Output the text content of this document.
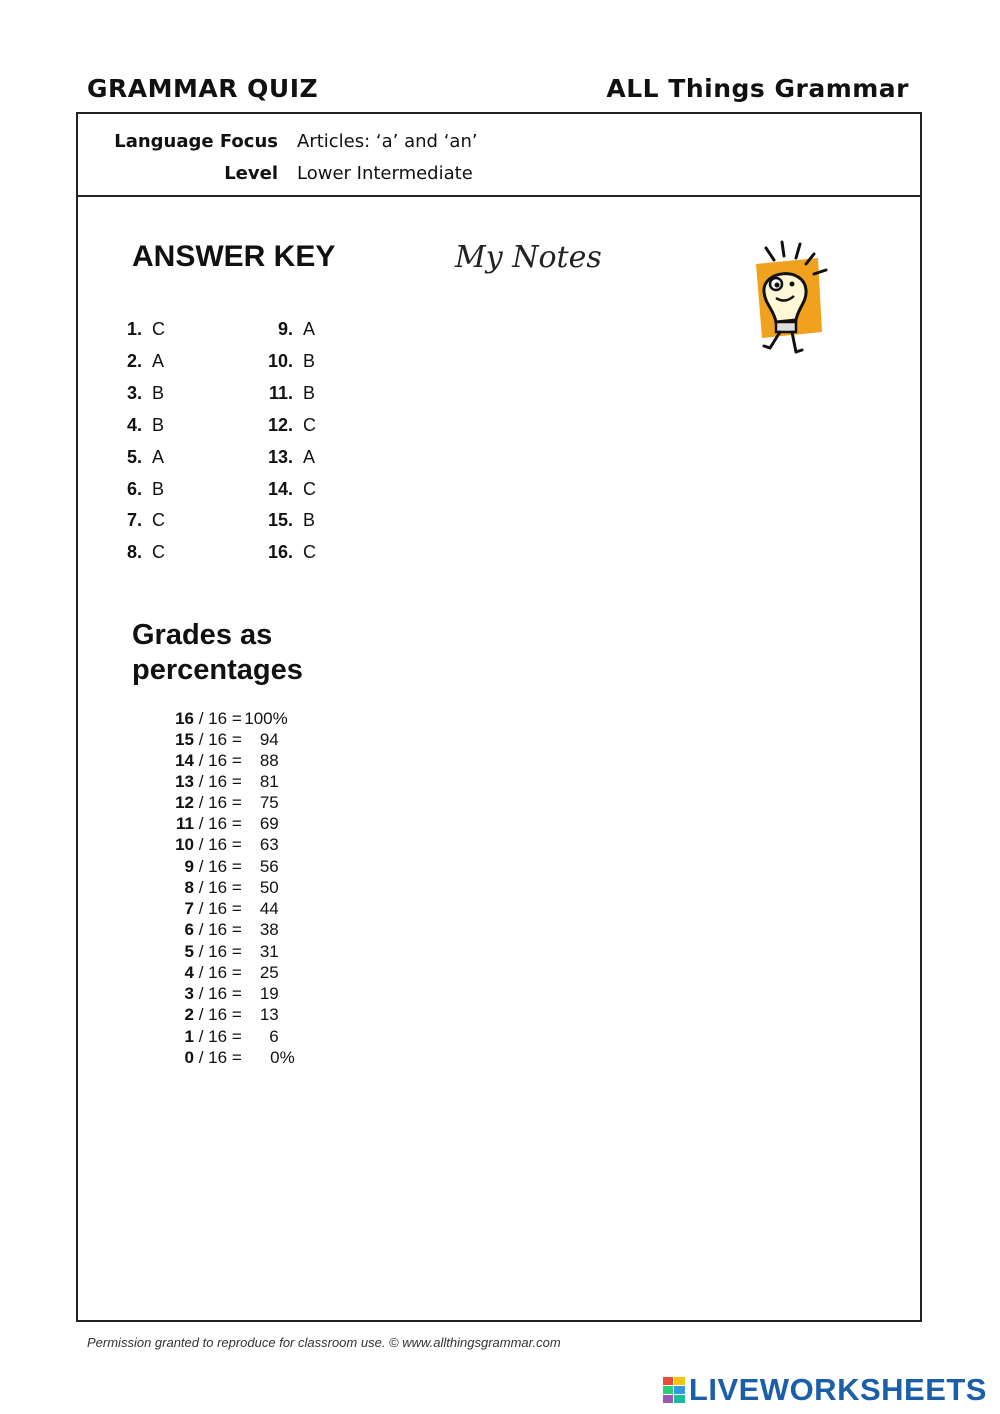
GRAMMAR QUIZ	ALL Things Grammar
Language Focus Articles: ‘a’ and ‘an’
Level Lower Intermediate
ANSWER KEY	My Notes
1. C
2. A
3. B
4. B
5. A
6. B
7. C
8. C
9. A
10. B
11. B
12. C
13. A
14. C
15. B
16. C
Grades as percentages
16 / 16 = 100%
15 / 16 = 94
14 / 16 = 88
13 / 16 = 81
12 / 16 = 75
11 / 16 = 69
10 / 16 = 63
9 / 16 = 56
8 / 16 = 50
7 / 16 = 44
6 / 16 = 38
5 / 16 = 31
4 / 16 = 25
3 / 16 = 19
2 / 16 = 13
1 / 16 = 6
0 / 16 = 0%
Permission granted to reproduce for classroom use. © www.allthingsgrammar.com
LIVEWORKSHEETS
